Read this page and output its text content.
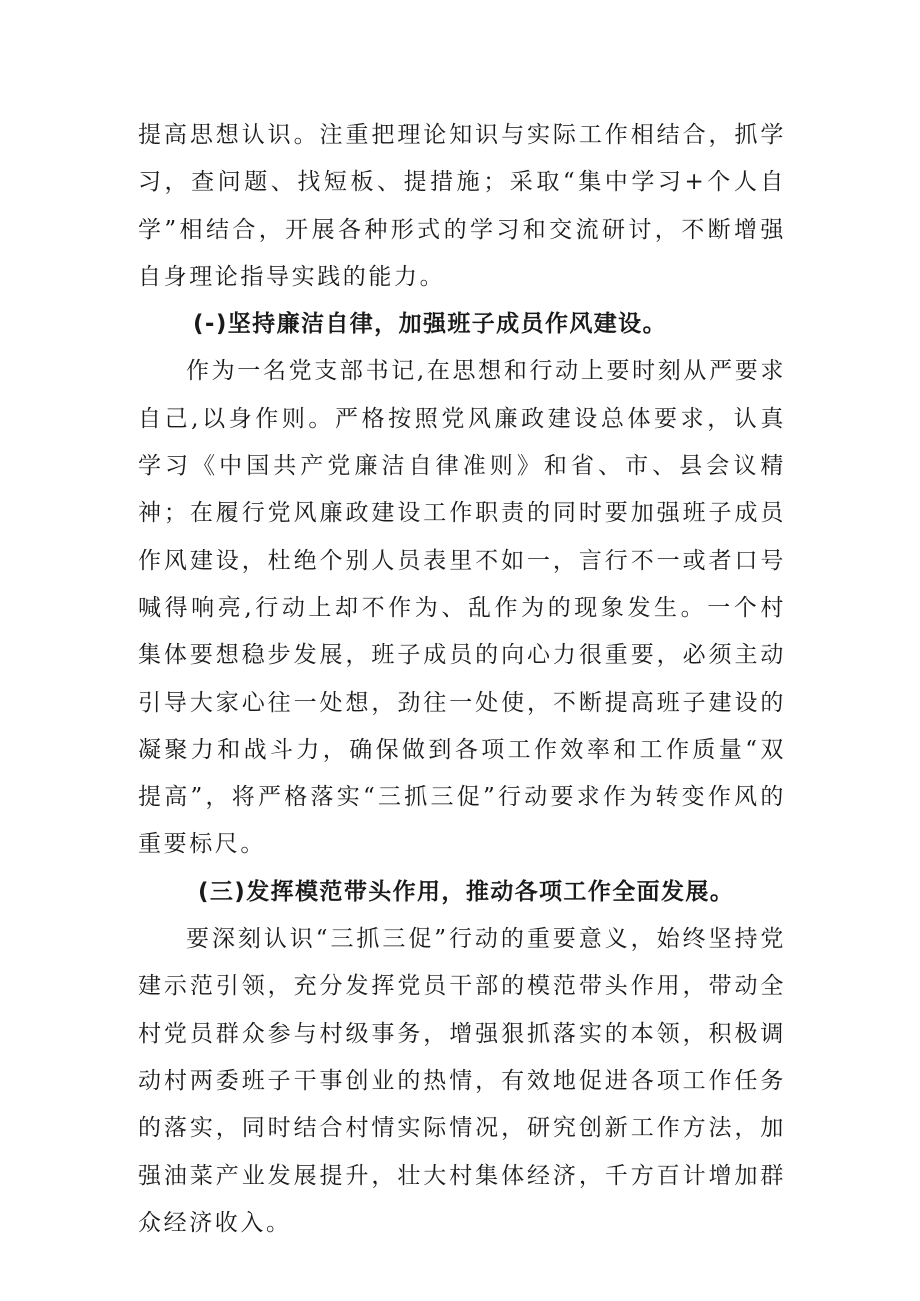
提高思想认识。注重把理论知识与实际工作相结合，抓学习，查问题、找短板、提措施；采取“集中学习+个人自学”相结合，开展各种形式的学习和交流研讨，不断增强自身理论指导实践的能力。

(-)坚持廉洁自律，加强班子成员作风建设。

作为一名党支部书记,在思想和行动上要时刻从严要求自己,以身作则。严格按照党风廉政建设总体要求，认真学习《中国共产党廉洁自律准则》和省、市、县会议精神；在履行党风廉政建设工作职责的同时要加强班子成员作风建设，杜绝个别人员表里不如一，言行不一或者口号喊得响亮,行动上却不作为、乱作为的现象发生。一个村集体要想稳步发展，班子成员的向心力很重要，必须主动引导大家心往一处想，劲往一处使，不断提高班子建设的凝聚力和战斗力，确保做到各项工作效率和工作质量“双提高”，将严格落实“三抓三促”行动要求作为转变作风的重要标尺。

(三)发挥模范带头作用，推动各项工作全面发展。

要深刻认识“三抓三促”行动的重要意义，始终坚持党建示范引领，充分发挥党员干部的模范带头作用，带动全村党员群众参与村级事务，增强狠抓落实的本领，积极调动村两委班子干事创业的热情，有效地促进各项工作任务的落实，同时结合村情实际情况，研究创新工作方法，加强油菜产业发展提升，壮大村集体经济，千方百计增加群众经济收入。
